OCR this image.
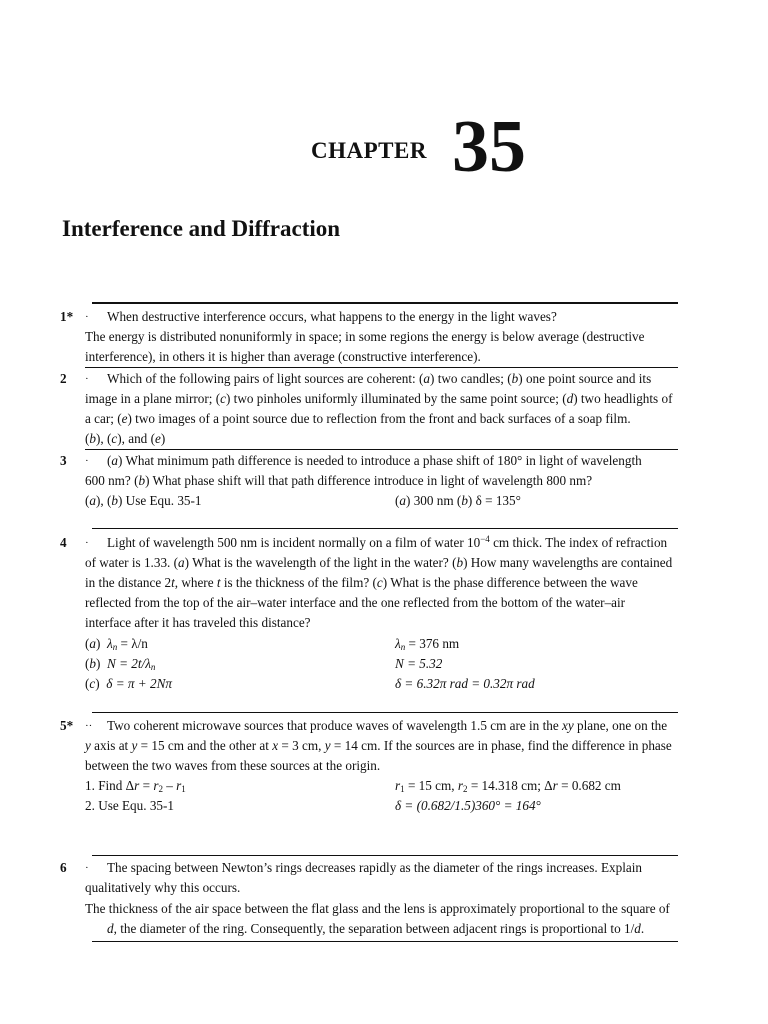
CHAPTER 35
Interference and Diffraction
1* · When destructive interference occurs, what happens to the energy in the light waves?
The energy is distributed nonuniformly in space; in some regions the energy is below average (destructive
interference), in others it is higher than average (constructive interference).
2 · Which of the following pairs of light sources are coherent: (a) two candles; (b) one point source and its
image in a plane mirror; (c) two pinholes uniformly illuminated by the same point source; (d) two headlights of
a car; (e) two images of a point source due to reflection from the front and back surfaces of a soap film.
(b), (c), and (e)
3 · (a) What minimum path difference is needed to introduce a phase shift of 180° in light of wavelength
600 nm? (b) What phase shift will that path difference introduce in light of wavelength 800 nm?
(a), (b) Use Equ. 35-1	(a) 300 nm (b) δ = 135°
4 · Light of wavelength 500 nm is incident normally on a film of water $10^{-4}$ cm thick. The index of refraction
of water is 1.33. (a) What is the wavelength of the light in the water? (b) How many wavelengths are contained
in the distance 2t, where t is the thickness of the film? (c) What is the phase difference between the wave
reflected from the top of the air–water interface and the one reflected from the bottom of the water–air
interface after it has traveled this distance?
(a)  $\lambda_n = \lambda/n$	$\lambda_n = 376$ nm
(b)  $N = 2t/\lambda_n$	N = 5.32
(c)  δ = π + 2Nπ	δ = 6.32π rad = 0.32π rad
5* ·· Two coherent microwave sources that produce waves of wavelength 1.5 cm are in the xy plane, one on the
y axis at y = 15 cm and the other at x = 3 cm, y = 14 cm. If the sources are in phase, find the difference in phase
between the two waves from these sources at the origin.
1. Find $\Delta r = r_2 - r_1$	$r_1 = 15$ cm, $r_2 = 14.318$ cm; Δr = 0.682 cm
2. Use Equ. 35-1	δ = (0.682/1.5)360° = 164°
6 · The spacing between Newton’s rings decreases rapidly as the diameter of the rings increases. Explain
qualitatively why this occurs.
The thickness of the air space between the flat glass and the lens is approximately proportional to the square of
d, the diameter of the ring. Consequently, the separation between adjacent rings is proportional to 1/d.
